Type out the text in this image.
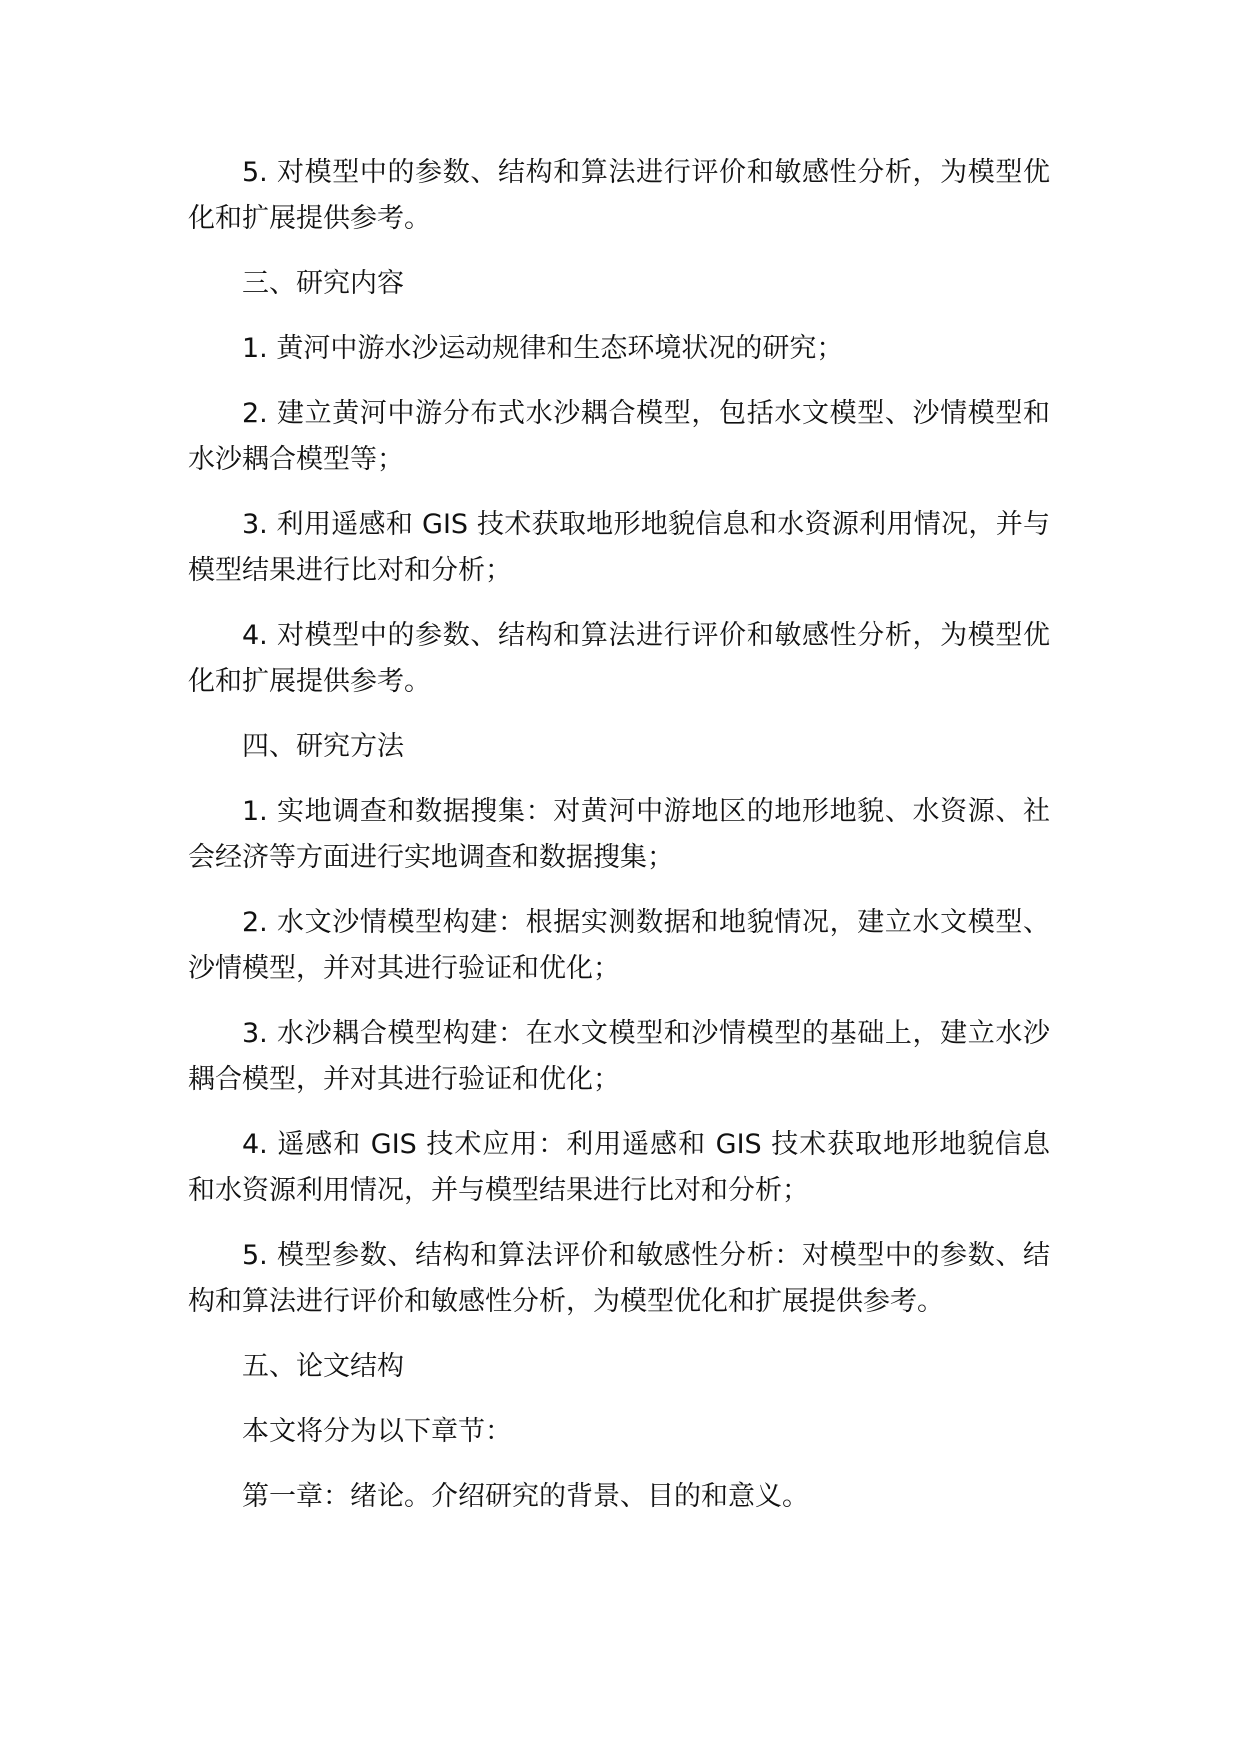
5. 对模型中的参数、结构和算法进行评价和敏感性分析，为模型优化和扩展提供参考。

三、研究内容

1. 黄河中游水沙运动规律和生态环境状况的研究；

2. 建立黄河中游分布式水沙耦合模型，包括水文模型、沙情模型和水沙耦合模型等；

3. 利用遥感和 GIS 技术获取地形地貌信息和水资源利用情况，并与模型结果进行比对和分析；

4. 对模型中的参数、结构和算法进行评价和敏感性分析，为模型优化和扩展提供参考。

四、研究方法

1. 实地调查和数据搜集：对黄河中游地区的地形地貌、水资源、社会经济等方面进行实地调查和数据搜集；

2. 水文沙情模型构建：根据实测数据和地貌情况，建立水文模型、沙情模型，并对其进行验证和优化；

3. 水沙耦合模型构建：在水文模型和沙情模型的基础上，建立水沙耦合模型，并对其进行验证和优化；

4. 遥感和 GIS 技术应用：利用遥感和 GIS 技术获取地形地貌信息和水资源利用情况，并与模型结果进行比对和分析；

5. 模型参数、结构和算法评价和敏感性分析：对模型中的参数、结构和算法进行评价和敏感性分析，为模型优化和扩展提供参考。

五、论文结构

本文将分为以下章节：

第一章：绪论。介绍研究的背景、目的和意义。
